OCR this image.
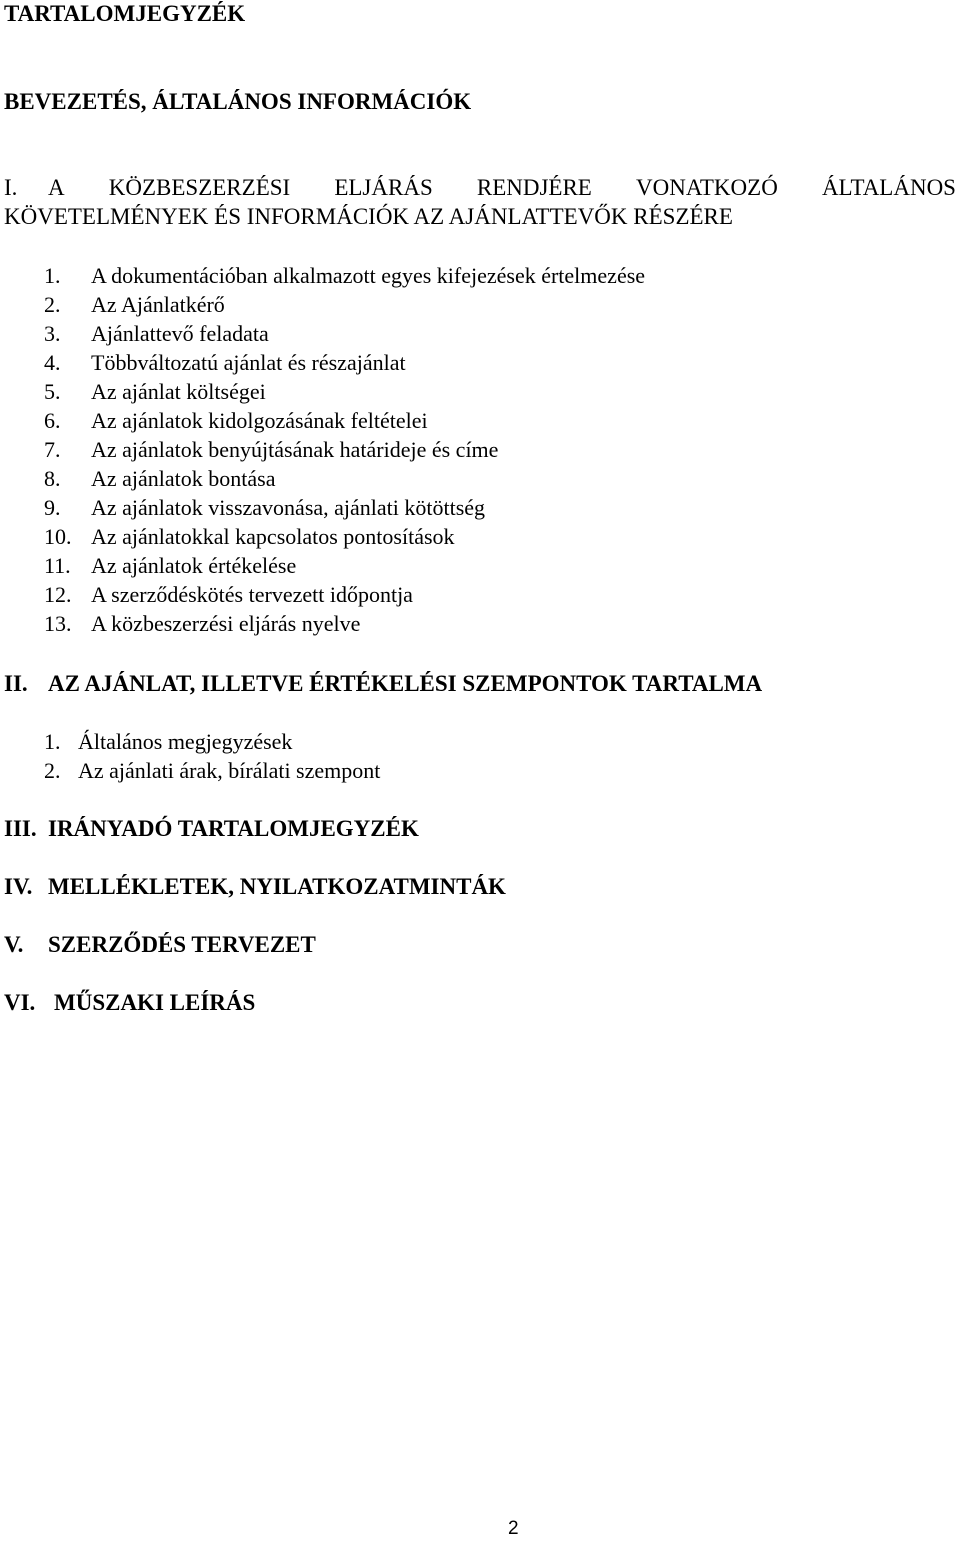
TARTALOMJEGYZÉK
BEVEZETÉS, ÁLTALÁNOS INFORMÁCIÓK
I. A KÖZBESZERZÉSI ELJÁRÁS RENDJÉRE VONATKOZÓ ÁLTALÁNOS
KÖVETELMÉNYEK ÉS INFORMÁCIÓK AZ AJÁNLATTEVŐK RÉSZÉRE
1. A dokumentációban alkalmazott egyes kifejezések értelmezése
2. Az Ajánlatkérő
3. Ajánlattevő feladata
4. Többváltozatú ajánlat és részajánlat
5. Az ajánlat költségei
6. Az ajánlatok kidolgozásának feltételei
7. Az ajánlatok benyújtásának határideje és címe
8. Az ajánlatok bontása
9. Az ajánlatok visszavonása, ajánlati kötöttség
10. Az ajánlatokkal kapcsolatos pontosítások
11. Az ajánlatok értékelése
12. A szerződéskötés tervezett időpontja
13. A közbeszerzési eljárás nyelve
II. AZ AJÁNLAT, ILLETVE ÉRTÉKELÉSI SZEMPONTOK TARTALMA
1. Általános megjegyzések
2. Az ajánlati árak, bírálati szempont
III. IRÁNYADÓ TARTALOMJEGYZÉK
IV. MELLÉKLETEK, NYILATKOZATMINTÁK
V. SZERZŐDÉS TERVEZET
VI. MŰSZAKI LEÍRÁS
2
